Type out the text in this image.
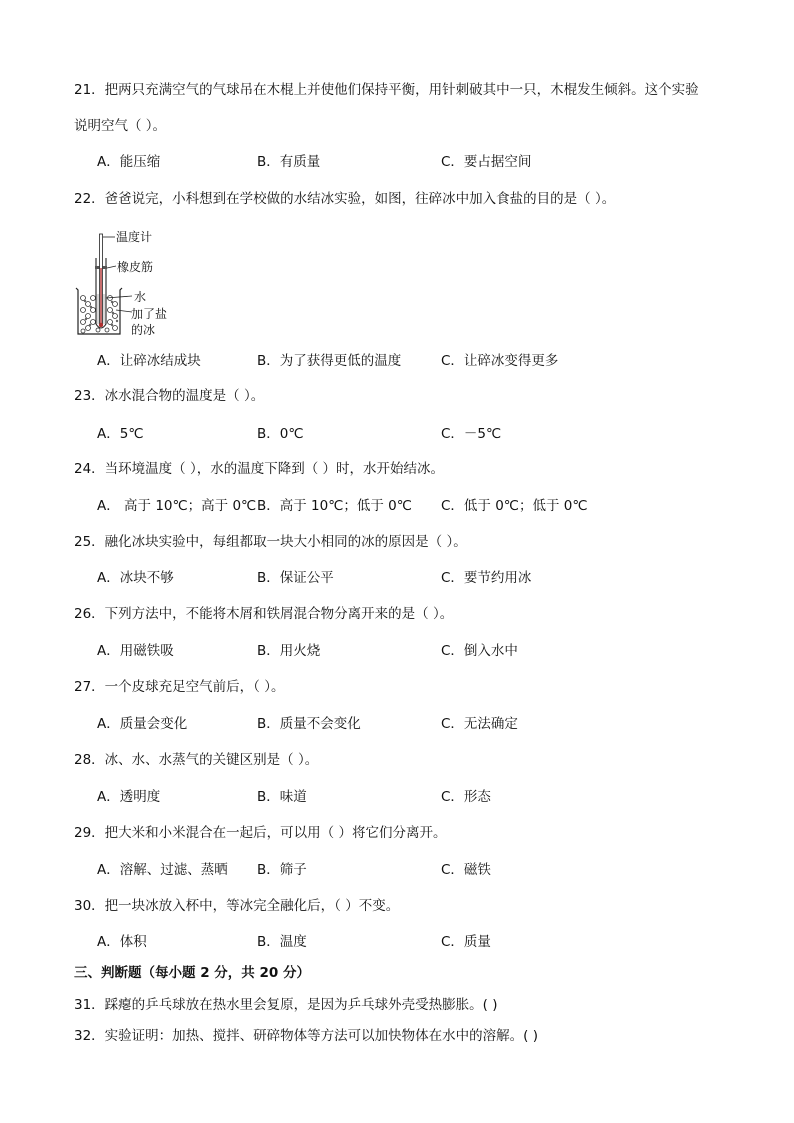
21．把两只充满空气的气球吊在木棍上并使他们保持平衡，用针刺破其中一只，木棍发生倾斜。这个实验
说明空气（ ）。
A．能压缩	B．有质量	C．要占据空间
22．爸爸说完，小科想到在学校做的水结冰实验，如图，往碎冰中加入食盐的目的是（ ）。
温度计
橡皮筋
水
加了盐
的冰
A．让碎冰结成块	B．为了获得更低的温度	C．让碎冰变得更多
23．冰水混合物的温度是（ ）。
A．5℃	B．0℃	C．－5℃
24．当环境温度（ ），水的温度下降到（ ）时，水开始结冰。
A． 高于 10℃；高于 0℃ B．高于 10℃；低于 0℃ C．低于 0℃；低于 0℃
25．融化冰块实验中，每组都取一块大小相同的冰的原因是（ ）。
A．冰块不够	B．保证公平	C．要节约用冰
26．下列方法中，不能将木屑和铁屑混合物分离开来的是（ ）。
A．用磁铁吸	B．用火烧	C．倒入水中
27．一个皮球充足空气前后，（ ）。
A．质量会变化	B．质量不会变化	C．无法确定
28．冰、水、水蒸气的关键区别是（ ）。
A．透明度	B．味道	C．形态
29．把大米和小米混合在一起后，可以用（ ）将它们分离开。
A．溶解、过滤、蒸晒 B．筛子	C．磁铁
30．把一块冰放入杯中，等冰完全融化后，（ ）不变。
A．体积	B．温度	C．质量
三、判断题（每小题 2 分，共 20 分）
31．踩瘪的乒乓球放在热水里会复原，是因为乒乓球外壳受热膨胀。( )
32．实验证明：加热、搅拌、研碎物体等方法可以加快物体在水中的溶解。( )
